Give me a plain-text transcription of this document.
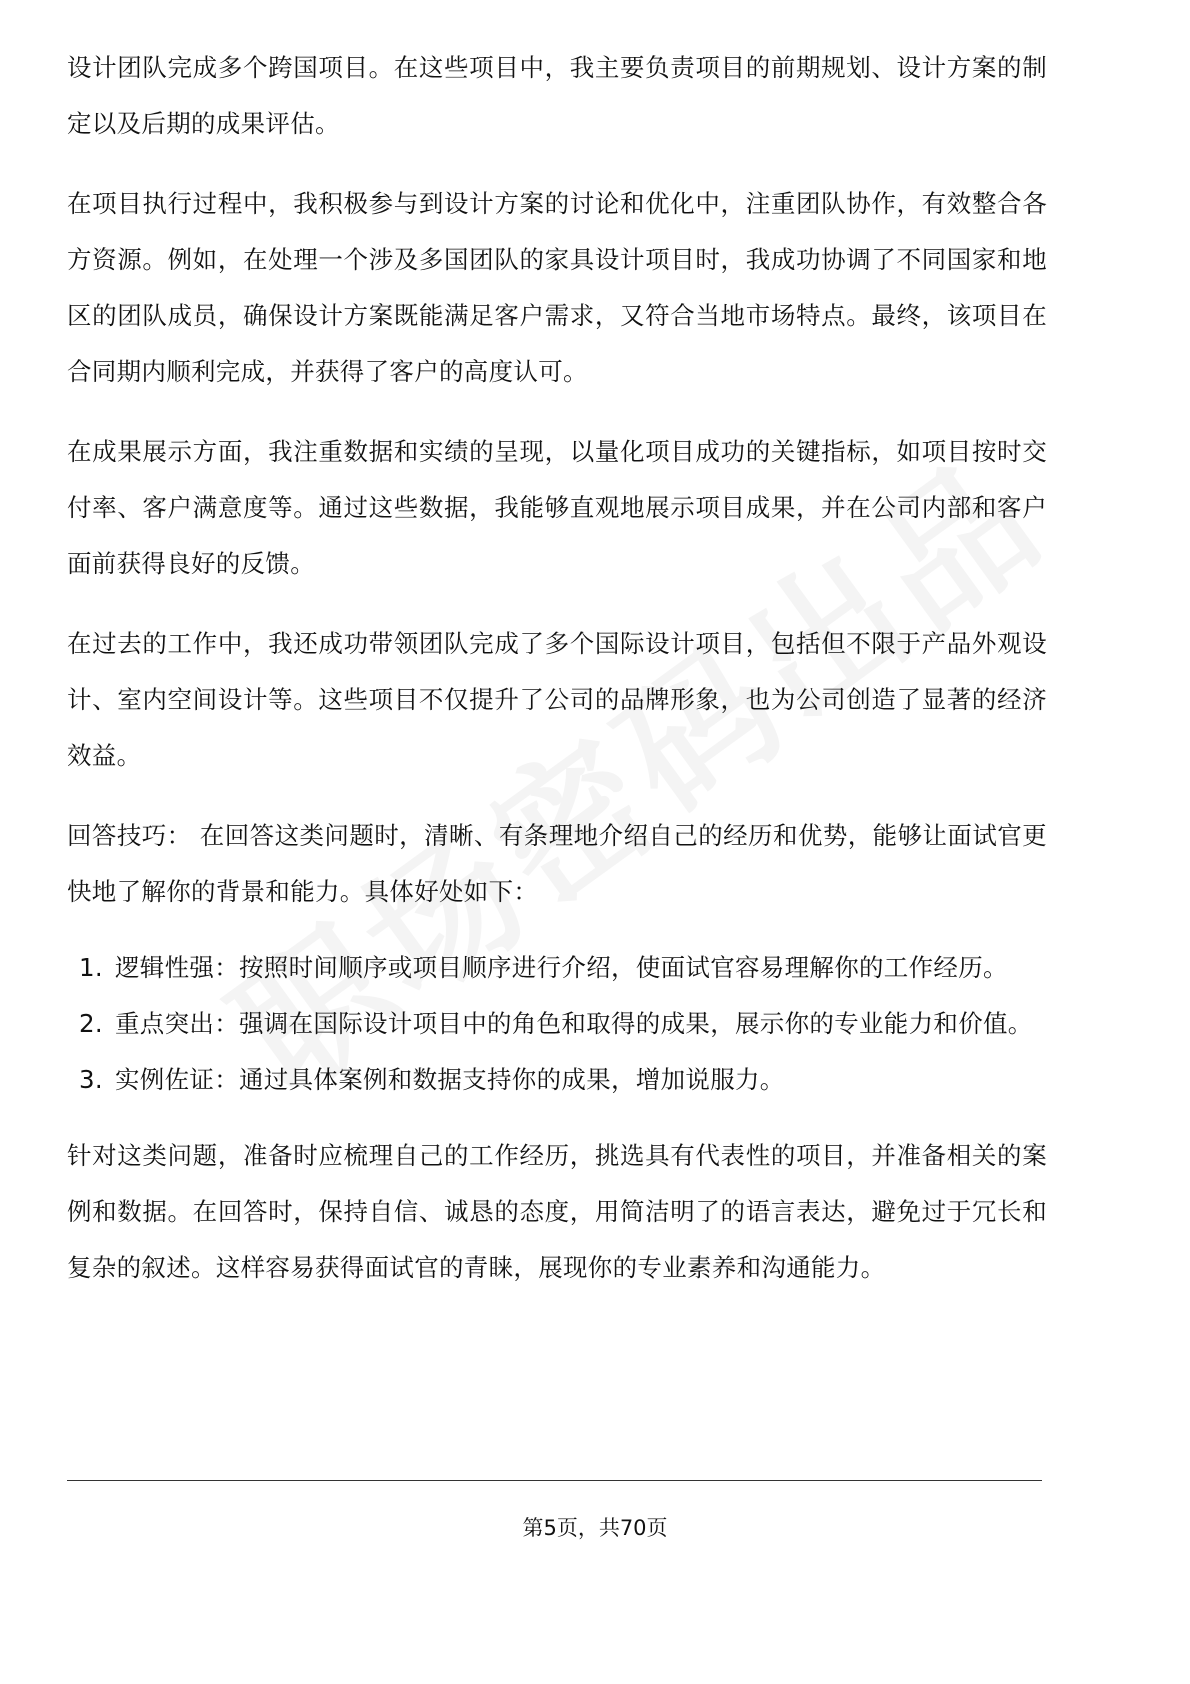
设计团队完成多个跨国项目。在这些项目中，我主要负责项目的前期规划、设计方案的制定以及后期的成果评估。

在项目执行过程中，我积极参与到设计方案的讨论和优化中，注重团队协作，有效整合各方资源。例如，在处理一个涉及多国团队的家具设计项目时，我成功协调了不同国家和地区的团队成员，确保设计方案既能满足客户需求，又符合当地市场特点。最终，该项目在合同期内顺利完成，并获得了客户的高度认可。

在成果展示方面，我注重数据和实绩的呈现，以量化项目成功的关键指标，如项目按时交付率、客户满意度等。通过这些数据，我能够直观地展示项目成果，并在公司内部和客户面前获得良好的反馈。

在过去的工作中，我还成功带领团队完成了多个国际设计项目，包括但不限于产品外观设计、室内空间设计等。这些项目不仅提升了公司的品牌形象，也为公司创造了显著的经济效益。

回答技巧： 在回答这类问题时，清晰、有条理地介绍自己的经历和优势，能够让面试官更快地了解你的背景和能力。具体好处如下：

1. 逻辑性强：按照时间顺序或项目顺序进行介绍，使面试官容易理解你的工作经历。
2. 重点突出：强调在国际设计项目中的角色和取得的成果，展示你的专业能力和价值。
3. 实例佐证：通过具体案例和数据支持你的成果，增加说服力。

针对这类问题，准备时应梳理自己的工作经历，挑选具有代表性的项目，并准备相关的案例和数据。在回答时，保持自信、诚恳的态度，用简洁明了的语言表达，避免过于冗长和复杂的叙述。这样容易获得面试官的青睐，展现你的专业素养和沟通能力。

第5页，共70页
